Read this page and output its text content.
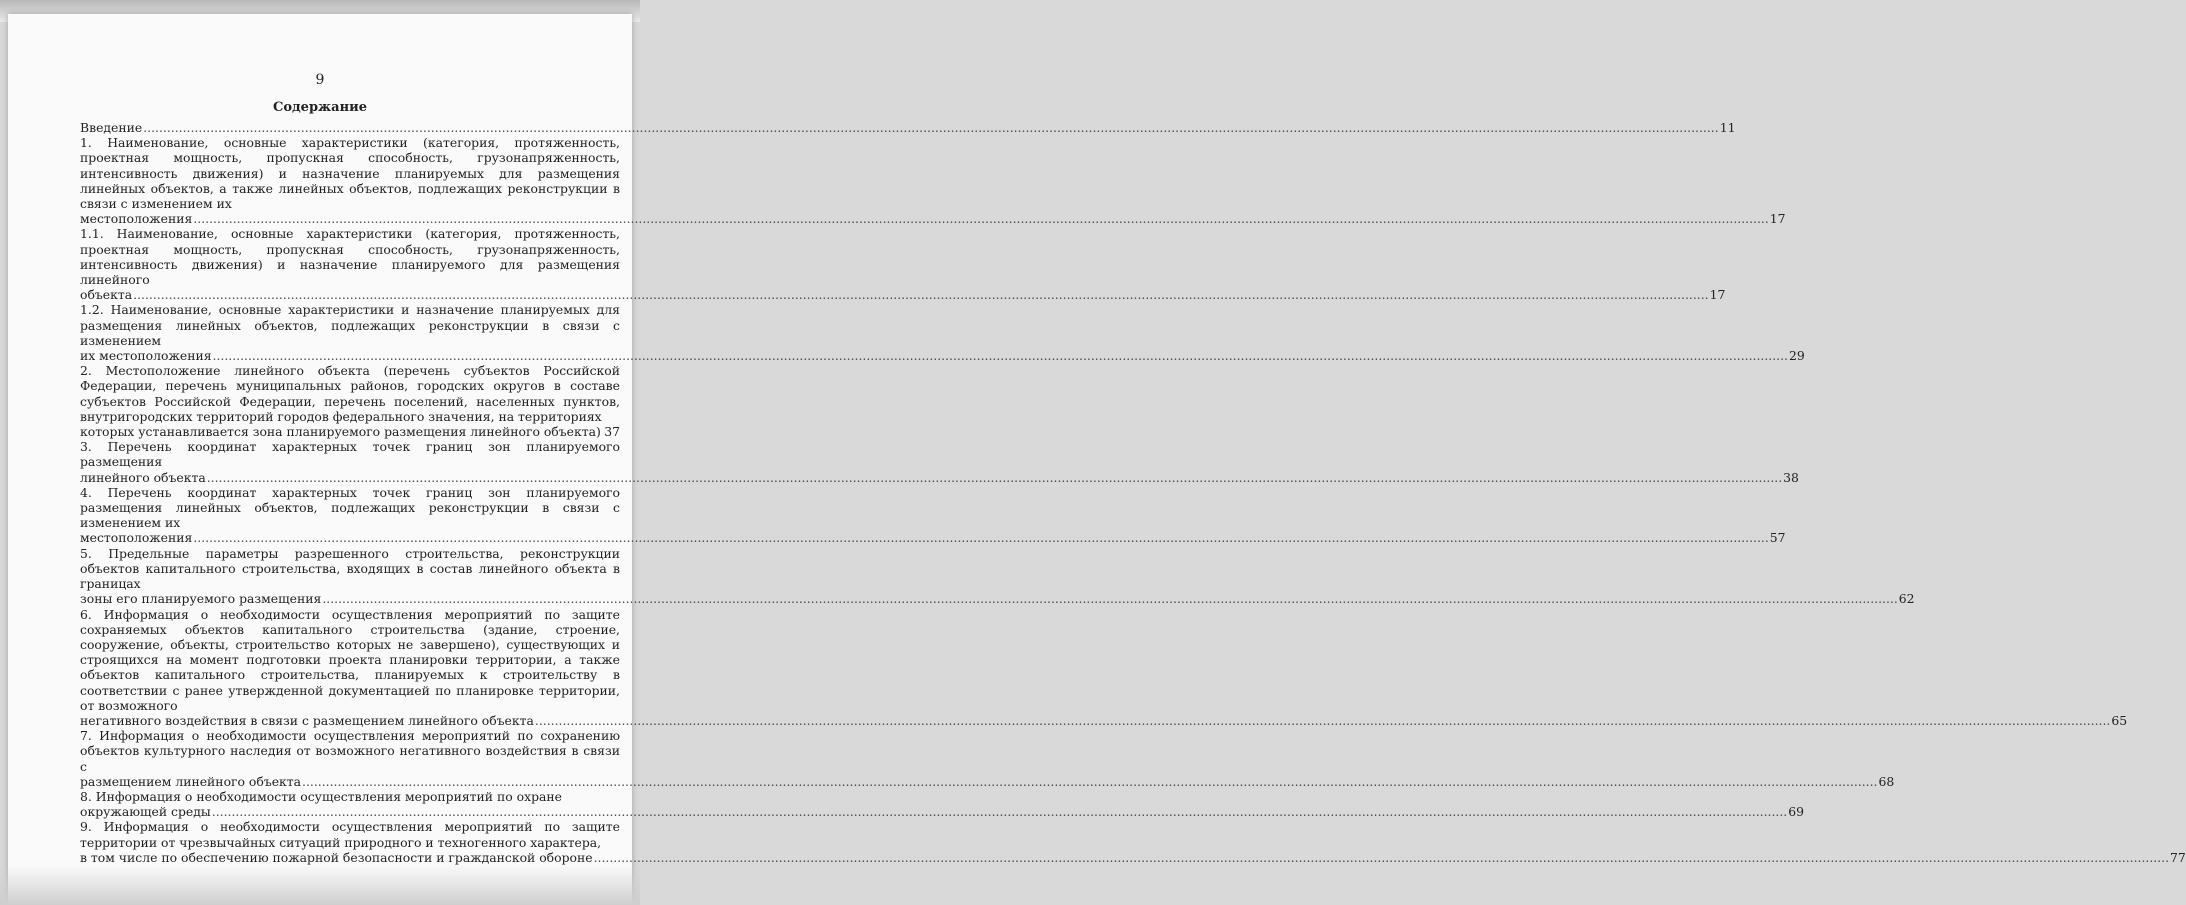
9
Содержание
Введение ................................................................................................................................................................................................................................................................................................................................................................................................................ 11
1. Наименование, основные характеристики (категория, протяженность, проектная мощность, пропускная способность, грузонапряженность, интенсивность движения) и назначение планируемых для размещения линейных объектов, а также линейных объектов, подлежащих реконструкции в связи с изменением их
местоположения ................................................................................................................................................................................................................................................................................................................................................................................................................ 17
1.1. Наименование, основные характеристики (категория, протяженность, проектная мощность, пропускная способность, грузонапряженность, интенсивность движения) и назначение планируемого для размещения линейного
объекта ................................................................................................................................................................................................................................................................................................................................................................................................................ 17
1.2. Наименование, основные характеристики и назначение планируемых для размещения линейных объектов, подлежащих реконструкции в связи с изменением
их местоположения ................................................................................................................................................................................................................................................................................................................................................................................................................ 29
2. Местоположение линейного объекта (перечень субъектов Российской Федерации, перечень муниципальных районов, городских округов в составе субъектов Российской Федерации, перечень поселений, населенных пунктов, внутригородских территорий городов федерального значения, на территориях
которых устанавливается зона планируемого размещения линейного объекта) 37
3. Перечень координат характерных точек границ зон планируемого размещения
линейного объекта ................................................................................................................................................................................................................................................................................................................................................................................................................ 38
4. Перечень координат характерных точек границ зон планируемого размещения линейных объектов, подлежащих реконструкции в связи с изменением их
местоположения ................................................................................................................................................................................................................................................................................................................................................................................................................ 57
5. Предельные параметры разрешенного строительства, реконструкции объектов капитального строительства, входящих в состав линейного объекта в границах
зоны его планируемого размещения ................................................................................................................................................................................................................................................................................................................................................................................................................ 62
6. Информация о необходимости осуществления мероприятий по защите сохраняемых объектов капитального строительства (здание, строение, сооружение, объекты, строительство которых не завершено), существующих и строящихся на момент подготовки проекта планировки территории, а также объектов капитального строительства, планируемых к строительству в соответствии с ранее утвержденной документацией по планировке территории, от возможного
негативного воздействия в связи с размещением линейного объекта ................................................................................................................................................................................................................................................................................................................................................................................................................ 65
7. Информация о необходимости осуществления мероприятий по сохранению объектов культурного наследия от возможного негативного воздействия в связи с
размещением линейного объекта ................................................................................................................................................................................................................................................................................................................................................................................................................ 68
8. Информация о необходимости осуществления мероприятий по охране
окружающей среды ................................................................................................................................................................................................................................................................................................................................................................................................................ 69
9. Информация о необходимости осуществления мероприятий по защите территории от чрезвычайных ситуаций природного и техногенного характера,
в том числе по обеспечению пожарной безопасности и гражданской обороне ................................................................................................................................................................................................................................................................................................................................................................................................................ 77
